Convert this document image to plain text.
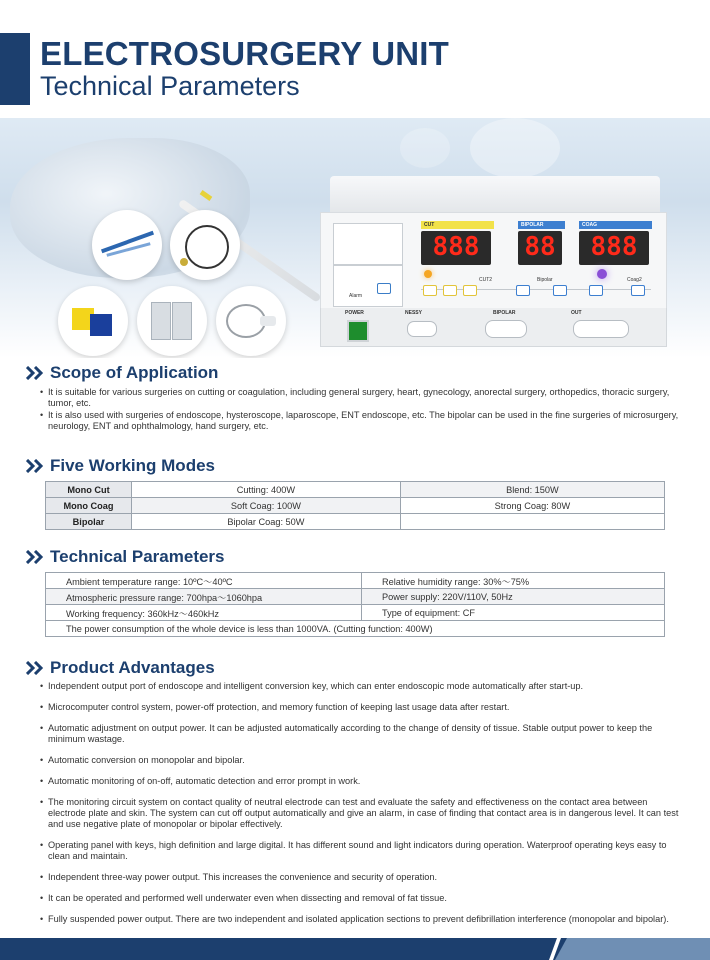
ELECTROSURGERY UNIT
Technical Parameters
Alarm
CUT
888
BIPOLAR
88
COAG
888
CUT2	Bipolar	Coag2
POWER	NESSY	BIPOLAR	OUT
Scope of Application
• It is suitable for various surgeries on cutting or coagulation, including general surgery, heart, gynecology, anorectal surgery, orthopedics, thoracic surgery, tumor, etc.
• It is also used with surgeries of endoscope, hysteroscope, laparoscope, ENT endoscope, etc. The bipolar can be used in the fine surgeries of microsurgery, neurology, ENT and ophthalmology, hand surgery, etc.
Five Working Modes
Mono Cut	Cutting: 400W	Blend: 150W
Mono Coag	Soft Coag: 100W	Strong Coag: 80W
Bipolar	Bipolar Coag: 50W	
Technical Parameters
Ambient temperature range: 10ºC～40ºC	Relative humidity range: 30%～75%
Atmospheric pressure range: 700hpa～1060hpa	Power supply: 220V/110V, 50Hz
Working frequency: 360kHz～460kHz	Type of equipment: CF
The power consumption of the whole device is less than 1000VA. (Cutting function: 400W)	
Product Advantages
• Independent output port of endoscope and intelligent conversion key, which can enter endoscopic mode automatically after start-up.
• Microcomputer control system, power-off protection, and memory function of keeping last usage data after restart.
• Automatic adjustment on output power. It can be adjusted automatically according to the change of density of tissue. Stable output power to keep the minimum wastage.
• Automatic conversion on monopolar and bipolar.
• Automatic monitoring of on-off, automatic detection and error prompt in work.
• The monitoring circuit system on contact quality of neutral electrode can test and evaluate the safety and effectiveness on the contact area between electrode plate and skin. The system can cut off output automatically and give an alarm, in case of finding that contact area is in dangerous level. It can test and use negative plate of monopolar or bipolar effectively.
• Operating panel with keys, high definition and large digital. It has different sound and light indicators during operation. Waterproof operating keys easy to clean and maintain.
• Independent three-way power output. This increases the convenience and security of operation.
• It can be operated and performed well underwater even when dissecting and removal of fat tissue.
• Fully suspended power output. There are two independent and isolated application sections to prevent defibrillation interference (monopolar and bipolar).
